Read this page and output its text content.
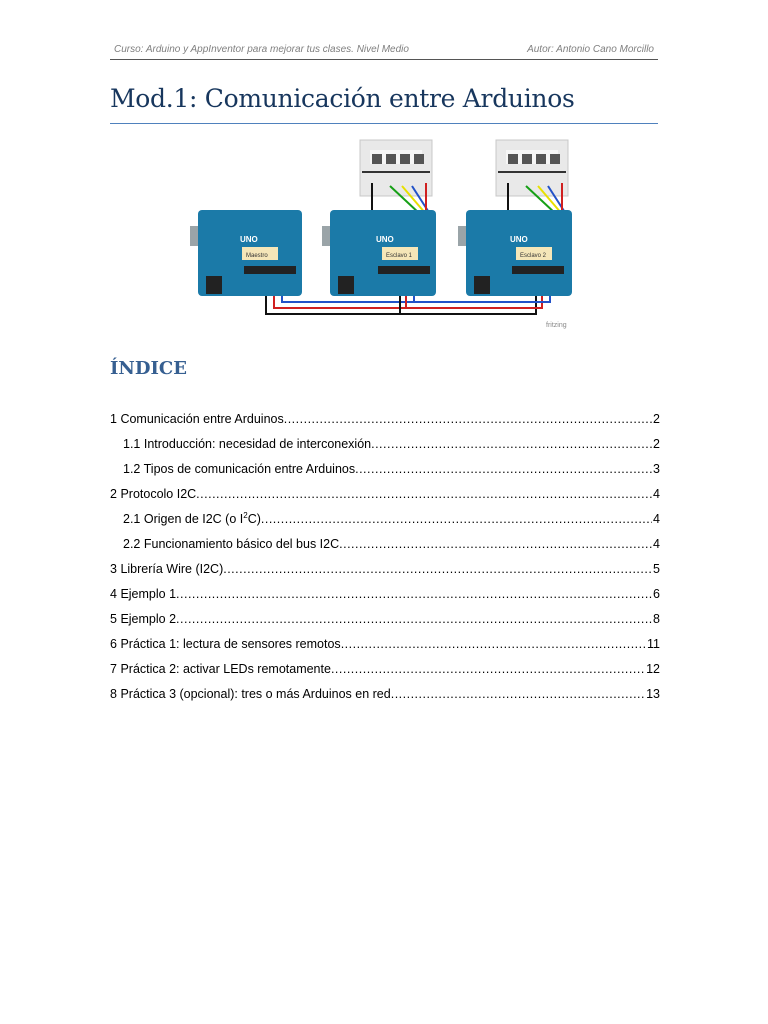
Curso: Arduino y AppInventor para mejorar tus clases. Nivel Medio	Autor: Antonio Cano Morcillo
Mod.1: Comunicación entre Arduinos
UNO
Maestro
UNO
Esclavo 1
UNO
Esclavo 2
fritzing
ÍNDICE
1 Comunicación entre Arduinos .....	2
1.1 Introducción: necesidad de interconexión .....	2
1.2 Tipos de comunicación entre Arduinos .....	3
2 Protocolo I2C .....	4
2.1 Origen de I2C (o $I^2C$) .....	4
2.2 Funcionamiento básico del bus I2C .....	4
3 Librería Wire (I2C) .....	5
4 Ejemplo 1 .....	6
5 Ejemplo 2 .....	8
6 Práctica 1: lectura de sensores remotos .....	11
7 Práctica 2: activar LEDs remotamente .....	12
8 Práctica 3 (opcional): tres o más Arduinos en red .....	13
